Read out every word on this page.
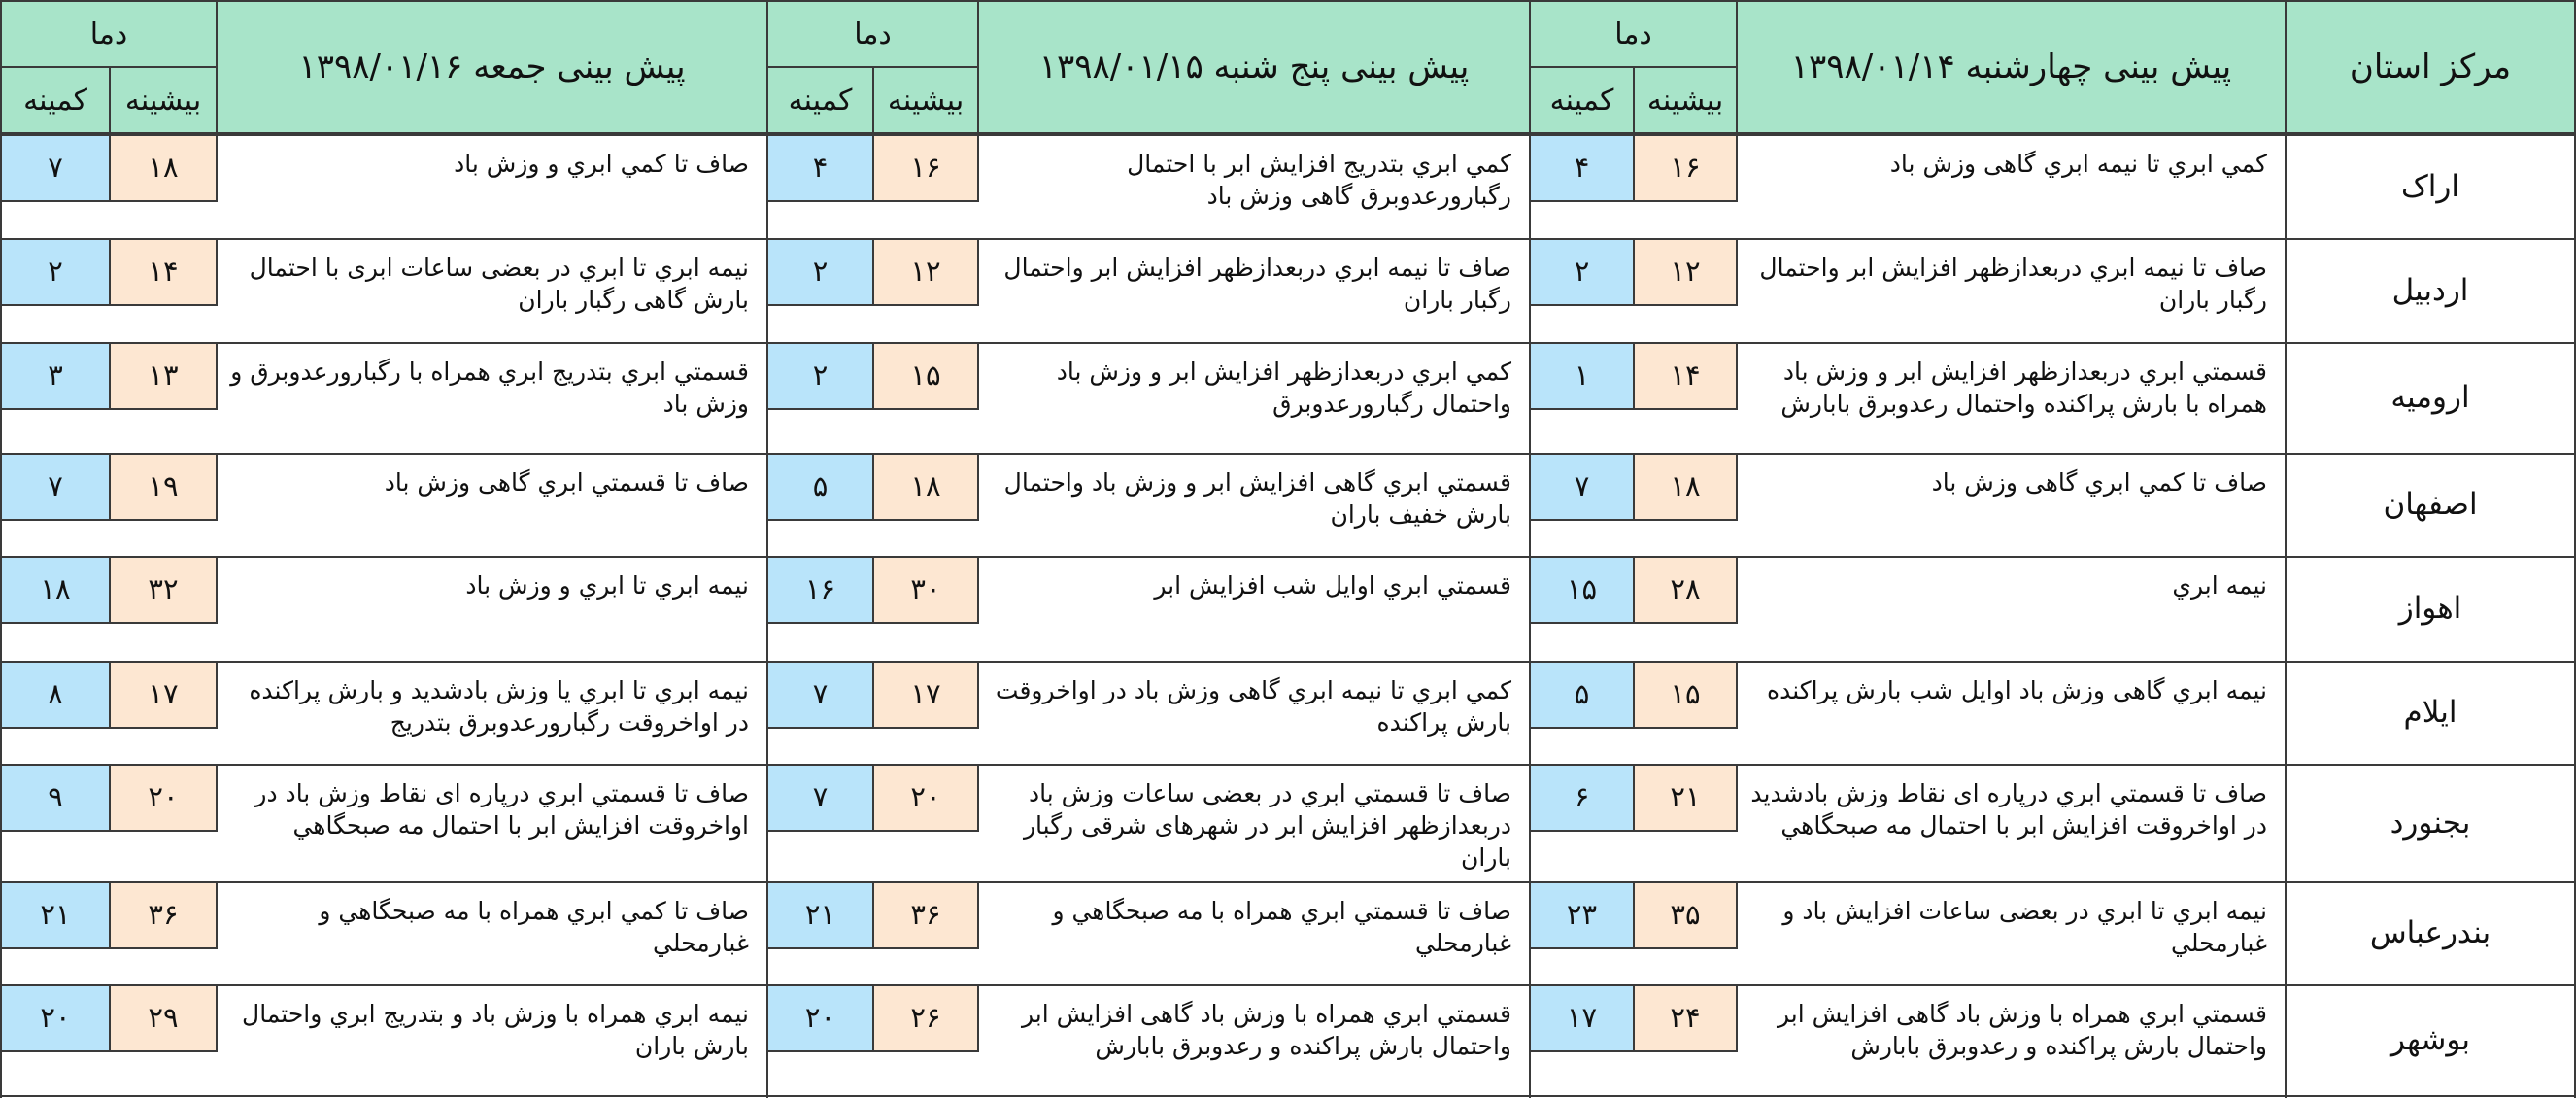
مرکز استان
پیش بینی چهارشنبه ۱۳۹۸/۰۱/۱۴
دما
بیشینه
کمینه
پیش بینی پنج شنبه ۱۳۹۸/۰۱/۱۵
دما
بیشینه
کمینه
پیش بینی جمعه ۱۳۹۸/۰۱/۱۶
دما
بیشینه
کمینه
اراک
كمي ابري تا نيمه ابري گاهی وزش باد
۱۶
۴
كمي ابري بتدريج افزايش ابر با احتمال رگبارورعدوبرق گاهی وزش باد
۱۶
۴
صاف تا كمي ابري و وزش باد
۱۸
۷
اردبيل
صاف تا نيمه ابري دربعدازظهر افزايش ابر واحتمال رگبار باران
۱۲
۲
صاف تا نيمه ابري دربعدازظهر افزايش ابر واحتمال رگبار باران
۱۲
۲
نيمه ابري تا ابري در بعضی ساعات ابری با احتمال بارش گاهی رگبار باران
۱۴
۲
اروميه
قسمتي ابري دربعدازظهر افزايش ابر و وزش باد همراه با بارش پراكنده واحتمال رعدوبرق بابارش
۱۴
۱
كمي ابري دربعدازظهر افزايش ابر و وزش باد واحتمال رگبارورعدوبرق
۱۵
۲
قسمتي ابري بتدريج ابري همراه با رگبارورعدوبرق و وزش باد
۱۳
۳
اصفهان
صاف تا كمي ابري گاهی وزش باد
۱۸
۷
قسمتي ابري گاهی افزايش ابر و وزش باد واحتمال بارش خفيف باران
۱۸
۵
صاف تا قسمتي ابري گاهی وزش باد
۱۹
۷
اهواز
نيمه ابري
۲۸
۱۵
قسمتي ابري اوايل شب افزايش ابر
۳۰
۱۶
نيمه ابري تا ابري و وزش باد
۳۲
۱۸
ايلام
نيمه ابري گاهی وزش باد اوايل شب بارش پراكنده
۱۵
۵
كمي ابري تا نيمه ابري گاهی وزش باد در اواخروقت بارش پراكنده
۱۷
۷
نيمه ابري تا ابري يا وزش بادشديد و بارش پراكنده در اواخروقت رگبارورعدوبرق بتدريج
۱۷
۸
بجنورد
صاف تا قسمتي ابري درپاره ای نقاط وزش بادشديد در اواخروقت افزايش ابر با احتمال مه صبحگاهي
۲۱
۶
صاف تا قسمتي ابري در بعضی ساعات وزش باد دربعدازظهر افزايش ابر در شهرهای شرقی رگبار باران
۲۰
۷
صاف تا قسمتي ابري درپاره ای نقاط وزش باد در اواخروقت افزايش ابر با احتمال مه صبحگاهي
۲۰
۹
بندرعباس
نيمه ابري تا ابري در بعضی ساعات افزايش باد و غبارمحلي
۳۵
۲۳
صاف تا قسمتي ابري همراه با مه صبحگاهي و غبارمحلي
۳۶
۲۱
صاف تا كمي ابري همراه با مه صبحگاهي و غبارمحلي
۳۶
۲۱
بوشهر
قسمتي ابري همراه با وزش باد گاهی افزايش ابر واحتمال بارش پراكنده و رعدوبرق بابارش
۲۴
۱۷
قسمتي ابري همراه با وزش باد گاهی افزايش ابر واحتمال بارش پراكنده و رعدوبرق بابارش
۲۶
۲۰
نيمه ابري همراه با وزش باد و بتدريج ابري واحتمال بارش باران
۲۹
۲۰
